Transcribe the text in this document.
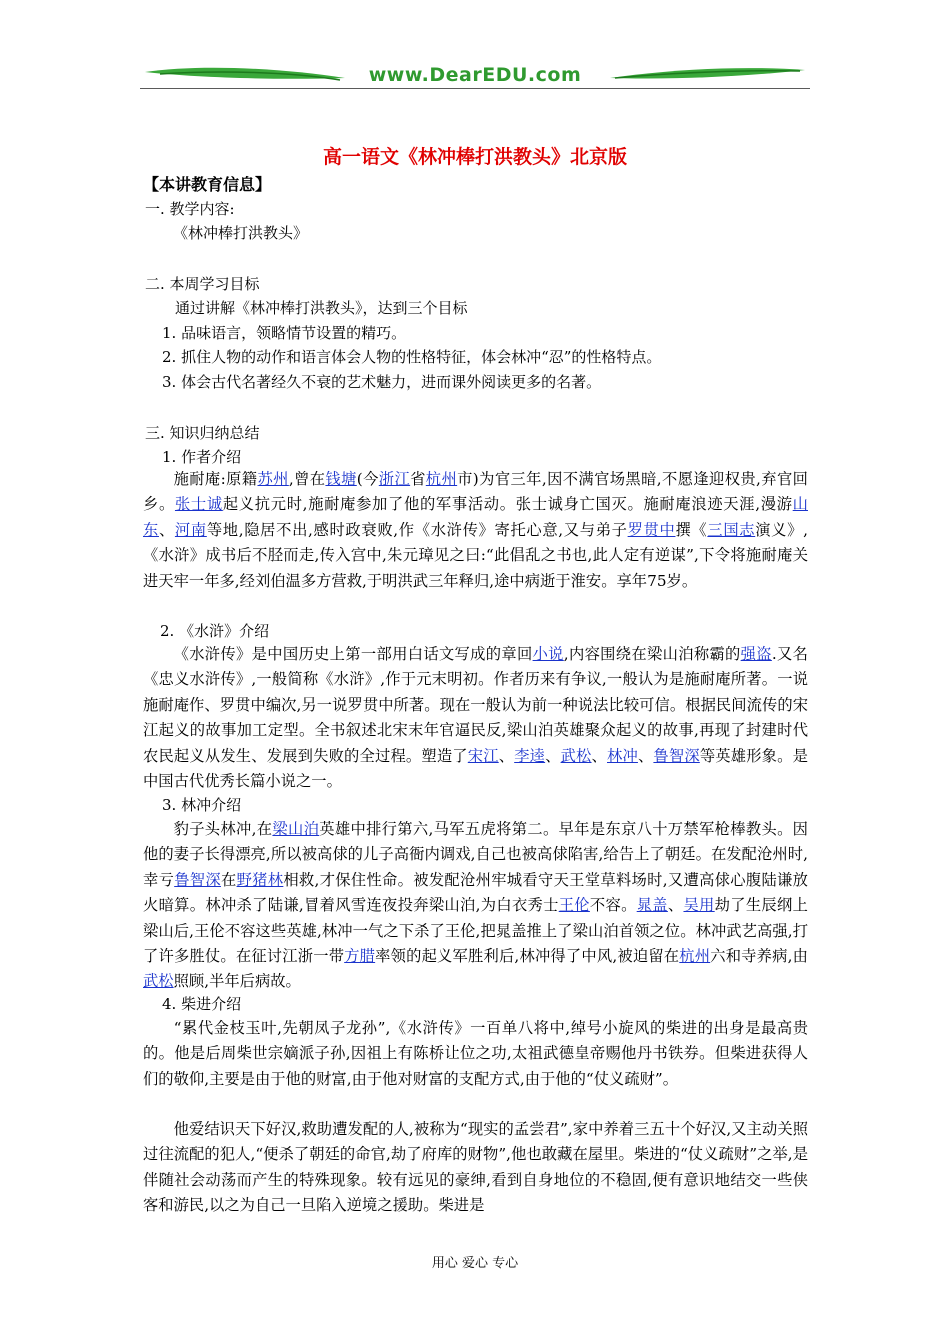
www.DearEDU.com
高一语文《林冲棒打洪教头》北京版
【本讲教育信息】
一. 教学内容:
《林冲棒打洪教头》
二. 本周学习目标
通过讲解《林冲棒打洪教头》，达到三个目标
1. 品味语言，领略情节设置的精巧。
2. 抓住人物的动作和语言体会人物的性格特征，体会林冲“忍”的性格特点。
3. 体会古代名著经久不衰的艺术魅力，进而课外阅读更多的名著。
三. 知识归纳总结
1. 作者介绍

施耐庵:原籍苏州,曾在钱塘(今浙江省杭州市)为官三年,因不满官场黑暗,不愿逢迎权贵,弃官回乡。张士诚起义抗元时,施耐庵参加了他的军事活动。张士诚身亡国灭。施耐庵浪迹天涯,漫游山东、河南等地,隐居不出,感时政衰败,作《水浒传》寄托心意,又与弟子罗贯中撰《三国志演义》,《水浒》成书后不胫而走,传入宫中,朱元璋见之曰:“此倡乱之书也,此人定有逆谋”,下令将施耐庵关进天牢一年多,经刘伯温多方营救,于明洪武三年释归,途中病逝于淮安。享年75岁。

2. 《水浒》介绍

《水浒传》是中国历史上第一部用白话文写成的章回小说,内容围绕在梁山泊称霸的强盗.又名《忠义水浒传》,一般简称《水浒》,作于元末明初。作者历来有争议,一般认为是施耐庵所著。一说施耐庵作、罗贯中编次,另一说罗贯中所著。现在一般认为前一种说法比较可信。根据民间流传的宋江起义的故事加工定型。全书叙述北宋末年官逼民反,梁山泊英雄聚众起义的故事,再现了封建时代农民起义从发生、发展到失败的全过程。塑造了宋江、李逵、武松、林冲、鲁智深等英雄形象。是中国古代优秀长篇小说之一。

3. 林冲介绍

豹子头林冲,在梁山泊英雄中排行第六,马军五虎将第二。早年是东京八十万禁军枪棒教头。因他的妻子长得漂亮,所以被高俅的儿子高衙内调戏,自己也被高俅陷害,给告上了朝廷。在发配沧州时,幸亏鲁智深在野猪林相救,才保住性命。被发配沧州牢城看守天王堂草料场时,又遭高俅心腹陆谦放火暗算。林冲杀了陆谦,冒着风雪连夜投奔梁山泊,为白衣秀士王伦不容。晁盖、吴用劫了生辰纲上梁山后,王伦不容这些英雄,林冲一气之下杀了王伦,把晁盖推上了梁山泊首领之位。林冲武艺高强,打了许多胜仗。在征讨江浙一带方腊率领的起义军胜利后,林冲得了中风,被迫留在杭州六和寺养病,由武松照顾,半年后病故。

4. 柴进介绍

“累代金枝玉叶,先朝凤子龙孙”,《水浒传》一百单八将中,绰号小旋风的柴进的出身是最高贵的。他是后周柴世宗嫡派子孙,因祖上有陈桥让位之功,太祖武德皇帝赐他丹书铁券。但柴进获得人们的敬仰,主要是由于他的财富,由于他对财富的支配方式,由于他的“仗义疏财”。

他爱结识天下好汉,救助遭发配的人,被称为“现实的孟尝君”,家中养着三五十个好汉,又主动关照过往流配的犯人,“便杀了朝廷的命官,劫了府库的财物”,他也敢藏在屋里。柴进的“仗义疏财”之举,是伴随社会动荡而产生的特殊现象。较有远见的豪绅,看到自身地位的不稳固,便有意识地结交一些侠客和游民,以之为自己一旦陷入逆境之援助。柴进是

用心 爱心 专心
